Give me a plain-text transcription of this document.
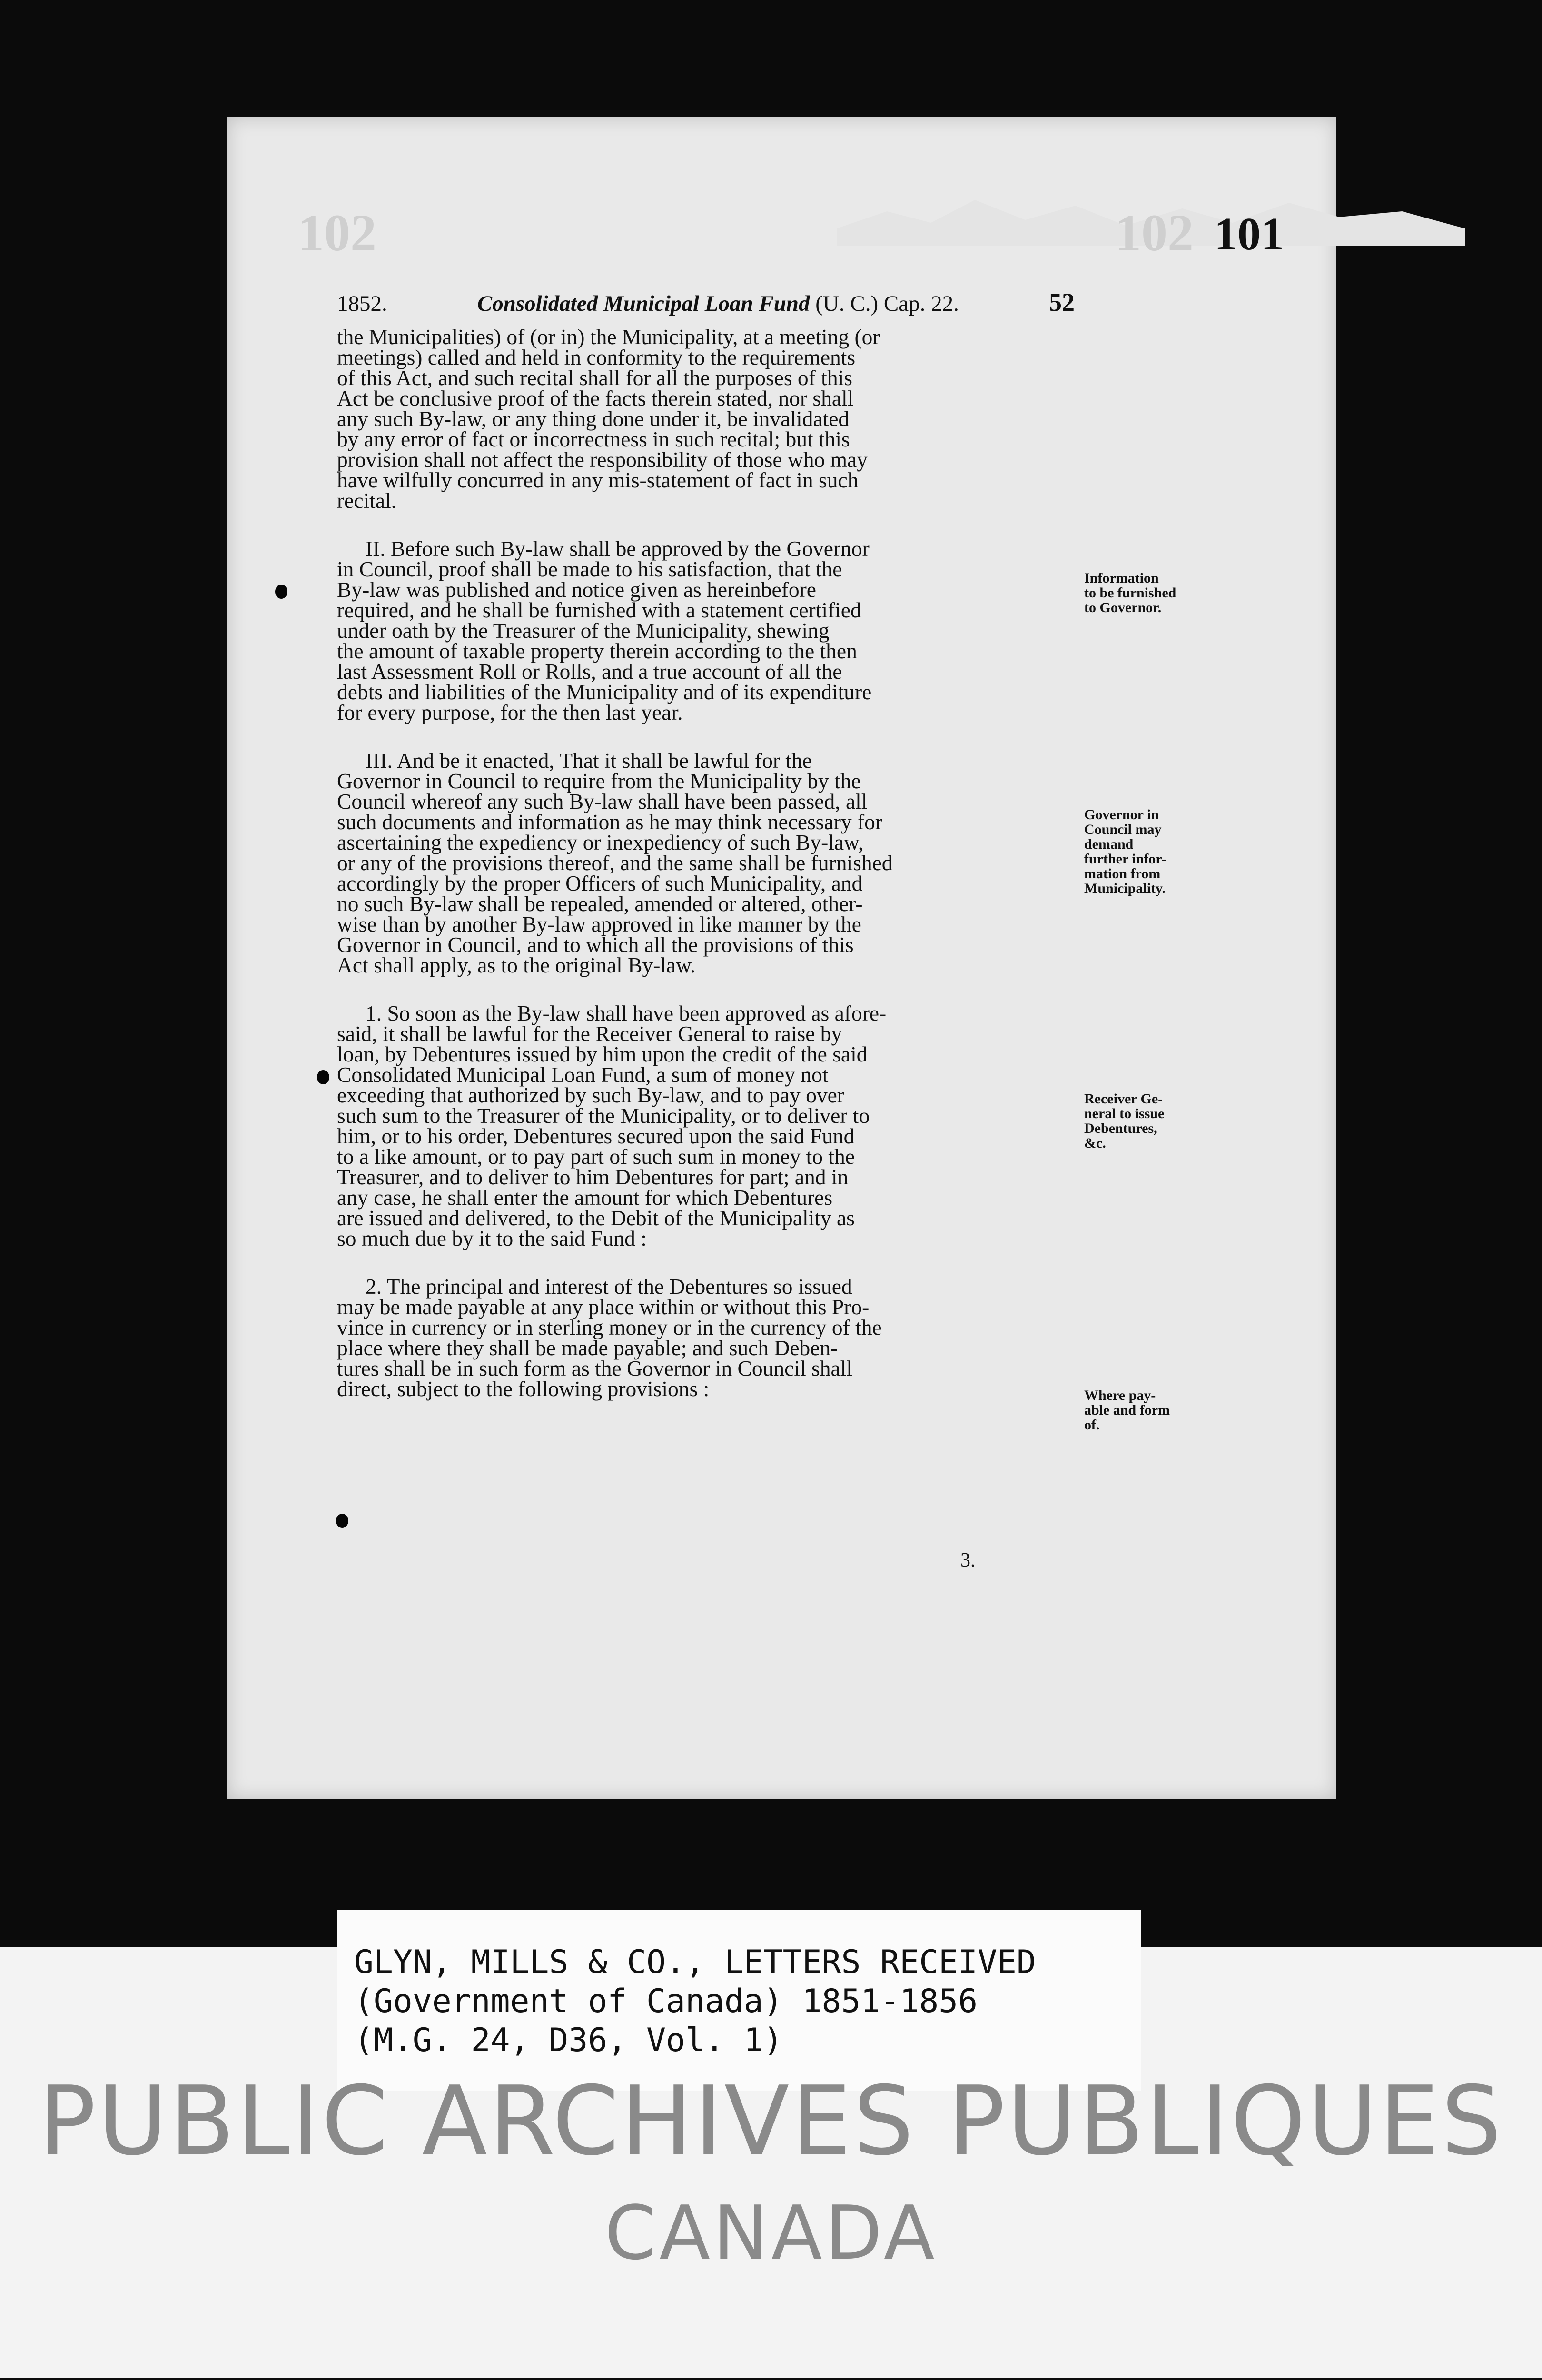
102	102 101
1852.	Consolidated Municipal Loan Fund (U. C.) Cap. 22.	52

the Municipalities) of (or in) the Municipality, at a meeting (or

meetings) called and held in conformity to the requirements

of this Act, and such recital shall for all the purposes of this

Act be conclusive proof of the facts therein stated, nor shall

any such By-law, or any thing done under it, be invalidated

by any error of fact or incorrectness in such recital; but this

provision shall not affect the responsibility of those who may

have wilfully concurred in any mis-statement of fact in such

recital.

II. Before such By-law shall be approved by the Governor

in Council, proof shall be made to his satisfaction, that the

By-law was published and notice given as hereinbefore

required, and he shall be furnished with a statement certified

under oath by the Treasurer of the Municipality, shewing

the amount of taxable property therein according to the then

last Assessment Roll or Rolls, and a true account of all the

debts and liabilities of the Municipality and of its expenditure

for every purpose, for the then last year.

III. And be it enacted, That it shall be lawful for the

Governor in Council to require from the Municipality by the

Council whereof any such By-law shall have been passed, all

such documents and information as he may think necessary for

ascertaining the expediency or inexpediency of such By-law,

or any of the provisions thereof, and the same shall be furnished

accordingly by the proper Officers of such Municipality, and

no such By-law shall be repealed, amended or altered, other-

wise than by another By-law approved in like manner by the

Governor in Council, and to which all the provisions of this

Act shall apply, as to the original By-law.

1. So soon as the By-law shall have been approved as afore-

said, it shall be lawful for the Receiver General to raise by

loan, by Debentures issued by him upon the credit of the said

Consolidated Municipal Loan Fund, a sum of money not

exceeding that authorized by such By-law, and to pay over

such sum to the Treasurer of the Municipality, or to deliver to

him, or to his order, Debentures secured upon the said Fund

to a like amount, or to pay part of such sum in money to the

Treasurer, and to deliver to him Debentures for part; and in

any case, he shall enter the amount for which Debentures

are issued and delivered, to the Debit of the Municipality as

so much due by it to the said Fund :

2. The principal and interest of the Debentures so issued

may be made payable at any place within or without this Pro-

vince in currency or in sterling money or in the currency of the

place where they shall be made payable; and such Deben-

tures shall be in such form as the Governor in Council shall

direct, subject to the following provisions :

Information
to be furnished
to Governor.
Governor in
Council may
demand
further infor-
mation from
Municipality.
Receiver Ge-
neral to issue
Debentures,
&c.
Where pay-
able and form
of.
3.
GLYN, MILLS & CO., LETTERS RECEIVED
(Government of Canada) 1851-1856
(M.G. 24, D36, Vol. 1)
PUBLIC ARCHIVES PUBLIQUES
CANADA
